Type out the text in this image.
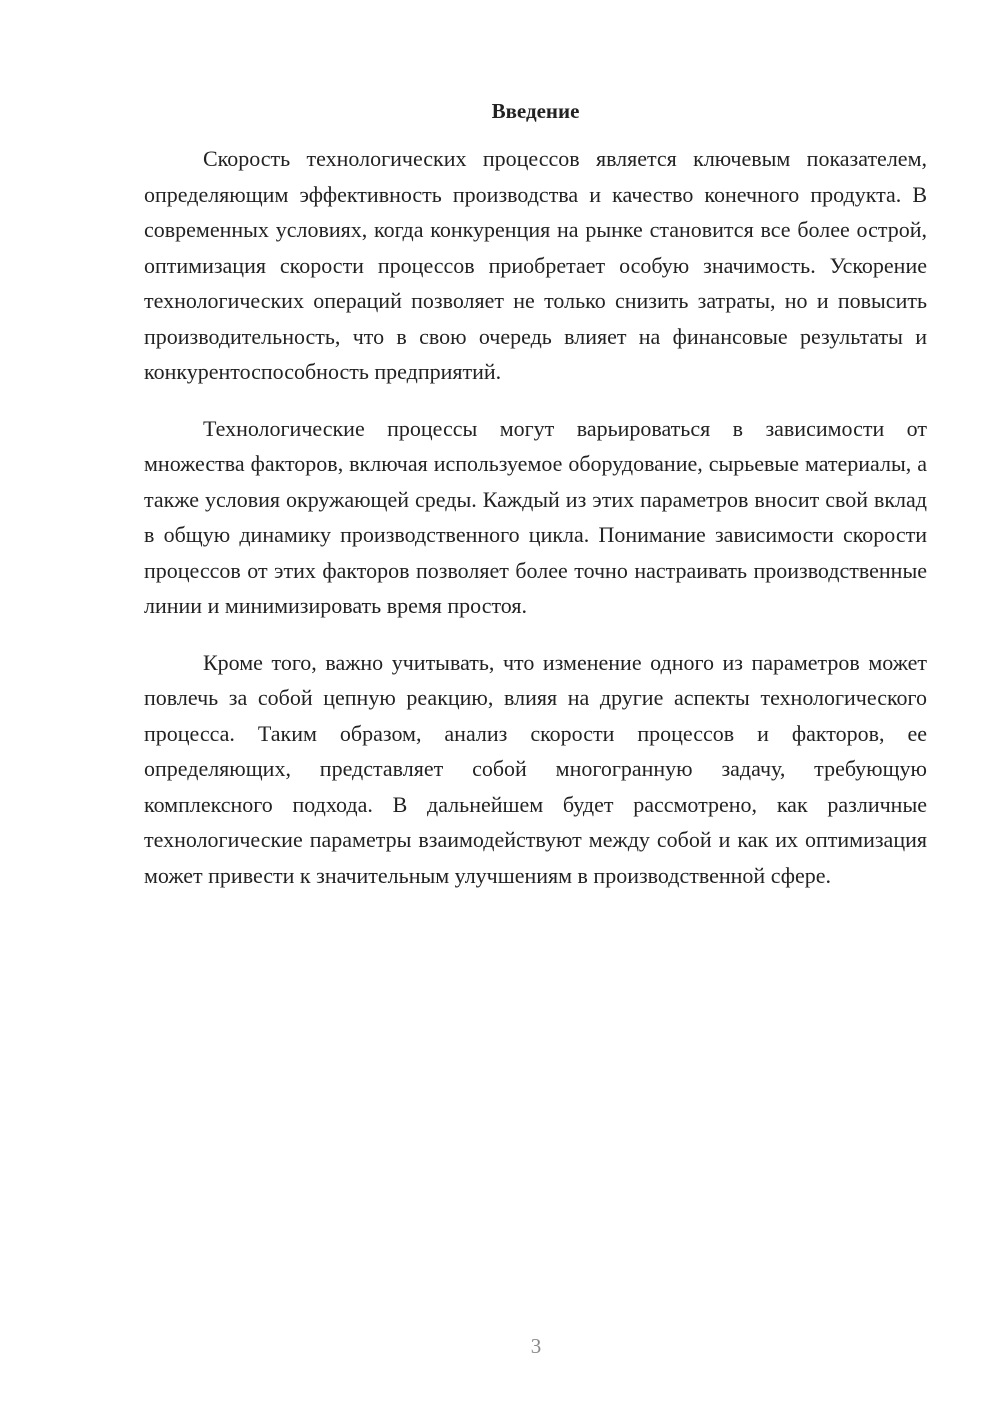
Введение

Скорость технологических процессов является ключевым показателем, определяющим эффективность производства и качество конечного продукта. В современных условиях, когда конкуренция на рынке становится все более острой, оптимизация скорости процессов приобретает особую значимость. Ускорение технологических операций позволяет не только снизить затраты, но и повысить производительность, что в свою очередь влияет на финансовые результаты и конкурентоспособность предприятий.

Технологические процессы могут варьироваться в зависимости от множества факторов, включая используемое оборудование, сырьевые материалы, а также условия окружающей среды. Каждый из этих параметров вносит свой вклад в общую динамику производственного цикла. Понимание зависимости скорости процессов от этих факторов позволяет более точно настраивать производственные линии и минимизировать время простоя.

Кроме того, важно учитывать, что изменение одного из параметров может повлечь за собой цепную реакцию, влияя на другие аспекты технологического процесса. Таким образом, анализ скорости процессов и факторов, ее определяющих, представляет собой многогранную задачу, требующую комплексного подхода. В дальнейшем будет рассмотрено, как различные технологические параметры взаимодействуют между собой и как их оптимизация может привести к значительным улучшениям в производственной сфере.

3
